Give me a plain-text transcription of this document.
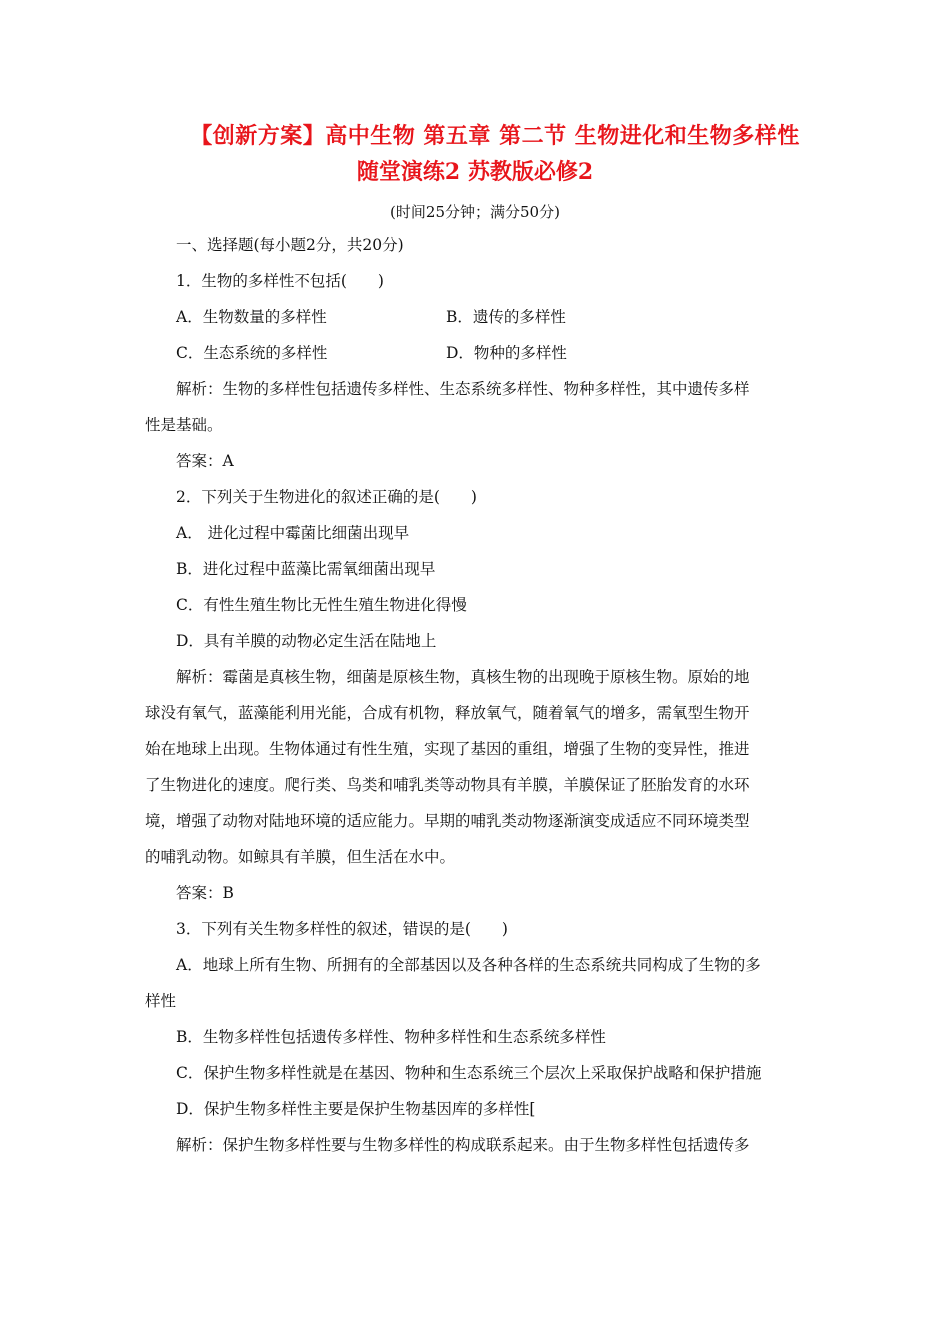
【创新方案】高中生物 第五章 第二节 生物进化和生物多样性
随堂演练2 苏教版必修2
(时间25分钟；满分50分)
一、选择题(每小题2分，共20分)
1．生物的多样性不包括(　　)
A．生物数量的多样性	B．遗传的多样性
C．生态系统的多样性	D．物种的多样性
解析：生物的多样性包括遗传多样性、生态系统多样性、物种多样性，其中遗传多样
性是基础。
答案：A
2．下列关于生物进化的叙述正确的是(　　)
A． 进化过程中霉菌比细菌出现早
B．进化过程中蓝藻比需氧细菌出现早
C．有性生殖生物比无性生殖生物进化得慢
D．具有羊膜的动物必定生活在陆地上
解析：霉菌是真核生物，细菌是原核生物，真核生物的出现晚于原核生物。原始的地
球没有氧气，蓝藻能利用光能，合成有机物，释放氧气，随着氧气的增多，需氧型生物开
始在地球上出现。生物体通过有性生殖，实现了基因的重组，增强了生物的变异性，推进
了生物进化的速度。爬行类、鸟类和哺乳类等动物具有羊膜，羊膜保证了胚胎发育的水环
境，增强了动物对陆地环境的适应能力。早期的哺乳类动物逐渐演变成适应不同环境类型
的哺乳动物。如鲸具有羊膜，但生活在水中。
答案：B
3．下列有关生物多样性的叙述，错误的是(　　)
A．地球上所有生物、所拥有的全部基因以及各种各样的生态系统共同构成了生物的多
样性
B．生物多样性包括遗传多样性、物种多样性和生态系统多样性
C．保护生物多样性就是在基因、物种和生态系统三个层次上采取保护战略和保护措施
D．保护生物多样性主要是保护生物基因库的多样性[
解析：保护生物多样性要与生物多样性的构成联系起来。由于生物多样性包括遗传多
